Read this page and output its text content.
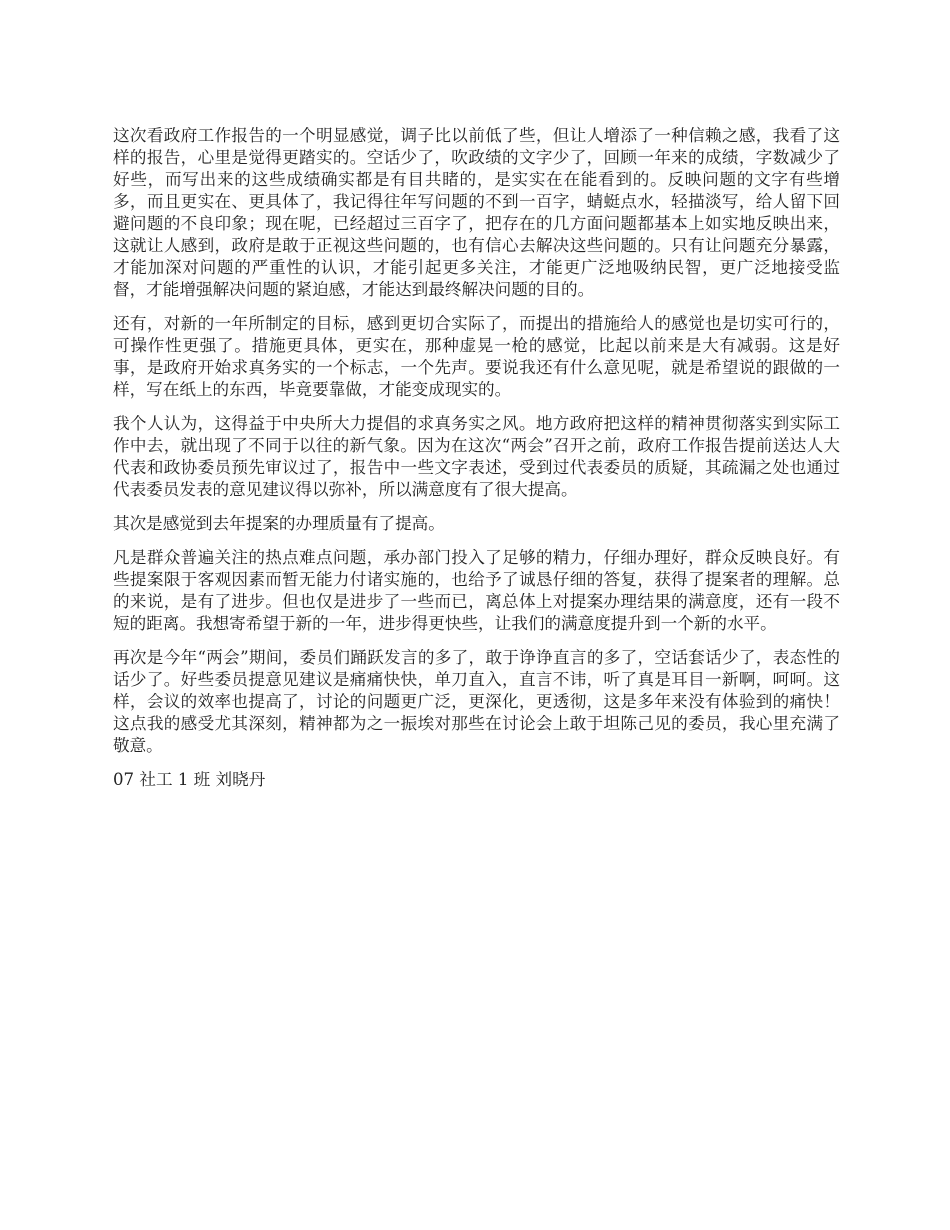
这次看政府工作报告的一个明显感觉，调子比以前低了些，但让人增添了一种信赖之感，我看了这样的报告，心里是觉得更踏实的。空话少了，吹政绩的文字少了，回顾一年来的成绩，字数减少了好些，而写出来的这些成绩确实都是有目共睹的，是实实在在能看到的。反映问题的文字有些增多，而且更实在、更具体了，我记得往年写问题的不到一百字，蜻蜓点水，轻描淡写，给人留下回避问题的不良印象；现在呢，已经超过三百字了，把存在的几方面问题都基本上如实地反映出来，这就让人感到，政府是敢于正视这些问题的，也有信心去解决这些问题的。只有让问题充分暴露，才能加深对问题的严重性的认识，才能引起更多关注，才能更广泛地吸纳民智，更广泛地接受监督，才能增强解决问题的紧迫感，才能达到最终解决问题的目的。

还有，对新的一年所制定的目标，感到更切合实际了，而提出的措施给人的感觉也是切实可行的，可操作性更强了。措施更具体，更实在，那种虚晃一枪的感觉，比起以前来是大有减弱。这是好事，是政府开始求真务实的一个标志，一个先声。要说我还有什么意见呢，就是希望说的跟做的一样，写在纸上的东西，毕竟要靠做，才能变成现实的。

我个人认为，这得益于中央所大力提倡的求真务实之风。地方政府把这样的精神贯彻落实到实际工作中去，就出现了不同于以往的新气象。因为在这次“两会”召开之前，政府工作报告提前送达人大代表和政协委员预先审议过了，报告中一些文字表述，受到过代表委员的质疑，其疏漏之处也通过代表委员发表的意见建议得以弥补，所以满意度有了很大提高。

其次是感觉到去年提案的办理质量有了提高。

凡是群众普遍关注的热点难点问题，承办部门投入了足够的精力，仔细办理好，群众反映良好。有些提案限于客观因素而暂无能力付诸实施的，也给予了诚恳仔细的答复，获得了提案者的理解。总的来说，是有了进步。但也仅是进步了一些而已，离总体上对提案办理结果的满意度，还有一段不短的距离。我想寄希望于新的一年，进步得更快些，让我们的满意度提升到一个新的水平。

再次是今年“两会”期间，委员们踊跃发言的多了，敢于诤诤直言的多了，空话套话少了，表态性的话少了。好些委员提意见建议是痛痛快快，单刀直入，直言不讳，听了真是耳目一新啊，呵呵。这样，会议的效率也提高了，讨论的问题更广泛，更深化，更透彻，这是多年来没有体验到的痛快！这点我的感受尤其深刻，精神都为之一振埃对那些在讨论会上敢于坦陈己见的委员，我心里充满了敬意。

07 社工 1 班 刘晓丹
